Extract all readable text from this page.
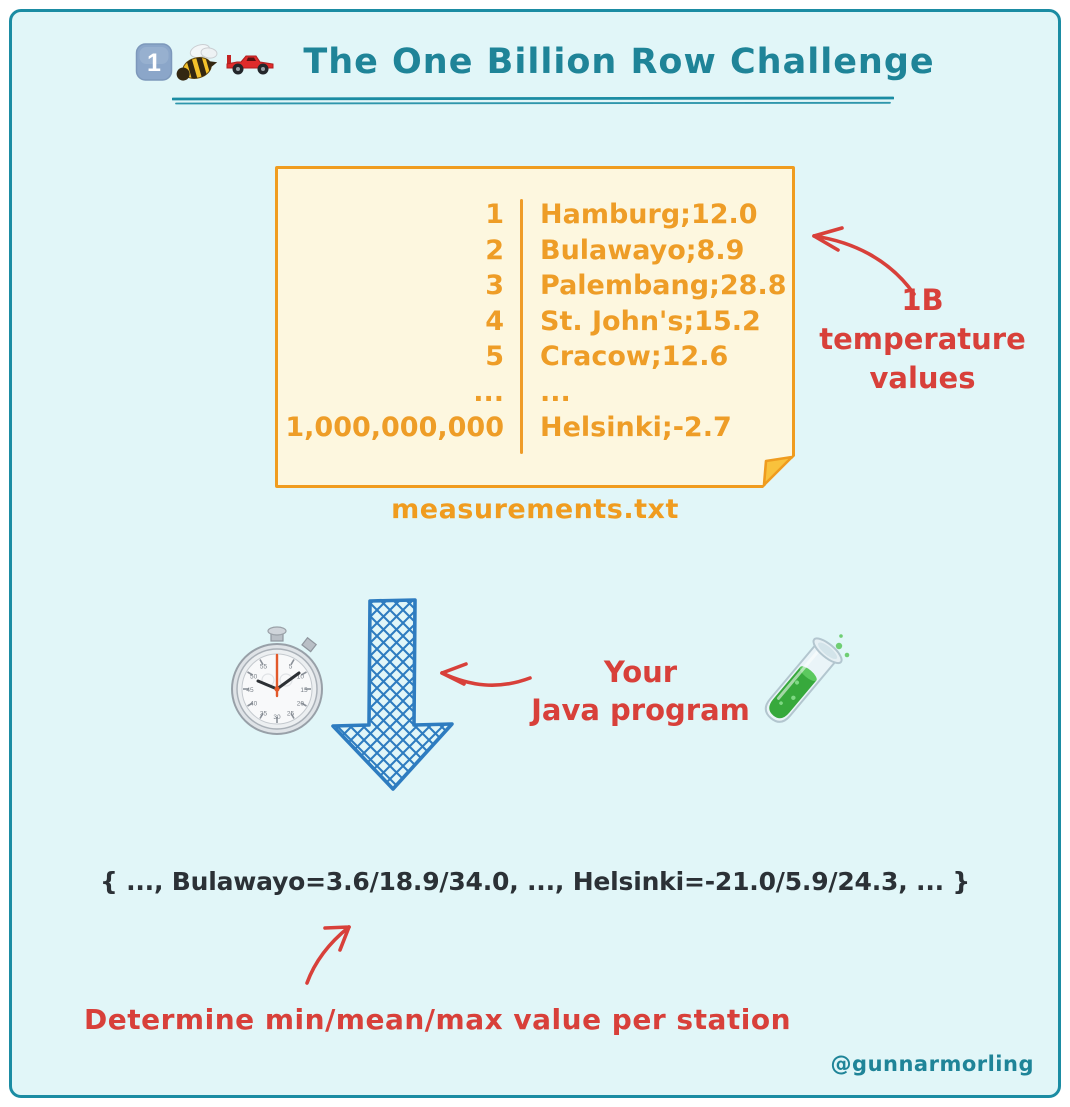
1	The One Billion Row Challenge
1
2
3
4
5
...
1,000,000,000
Hamburg;12.0
Bulawayo;8.9
Palembang;28.8
St. John's;15.2
Cracow;12.6
...
Helsinki;-2.7
measurements.txt
1B temperature
values
5
10
15
20
25
30
35
40
45
50
55	Your
Java program
{ ..., Bulawayo=3.6/18.9/34.0, ..., Helsinki=-21.0/5.9/24.3, ... }
Determine min/mean/max value per station
@gunnarmorling
